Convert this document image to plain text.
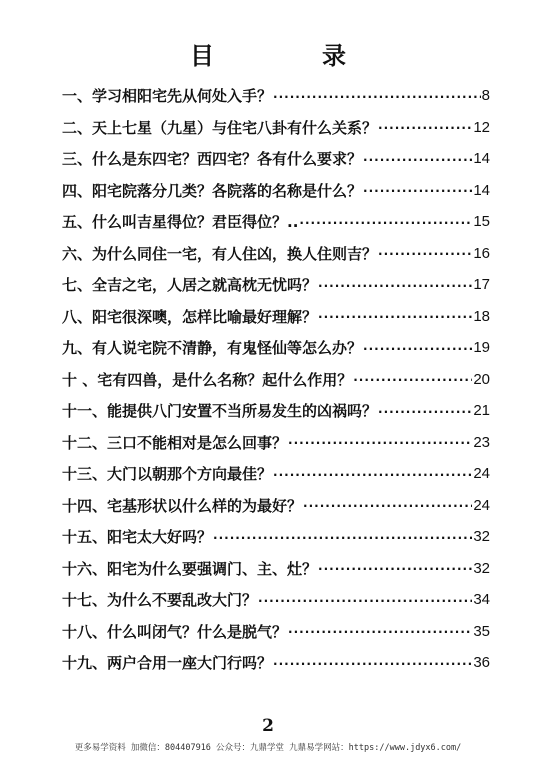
目　录
一、学习相阳宅先从何处入手？ ·····	8
二、天上七星（九星）与住宅八卦有什么关系？ ·····	12
三、什么是东四宅？西四宅？各有什么要求？ ·····	14
四、阳宅院落分几类？各院落的名称是什么？ ·····	14
五、什么叫吉星得位？君臣得位？.. ·····	15
六、为什么同住一宅，有人住凶，换人住则吉？ ·····	16
七、全吉之宅，人居之就高枕无忧吗？ ·····	17
八、阳宅很深噢，怎样比喻最好理解？ ·····	18
九、有人说宅院不清静，有鬼怪仙等怎么办？ ·····	19
十 、宅有四兽，是什么名称？起什么作用？ ·····	20
十一、能提供八门安置不当所易发生的凶祸吗？ ·····	21
十二、三口不能相对是怎么回事？ ·····	23
十三、大门以朝那个方向最佳？ ·····	24
十四、宅基形状以什么样的为最好？ ·····	24
十五、阳宅太大好吗？ ·····	32
十六、阳宅为什么要强调门、主、灶？ ·····	32
十七、为什么不要乱改大门？ ·····	34
十八、什么叫闭气？什么是脱气？ ·····	35
十九、两户合用一座大门行吗？ ·····	36
2
更多易学资料 加微信：804407916 公众号：九鼎学堂 九鼎易学网站：https://www.jdyx6.com/
